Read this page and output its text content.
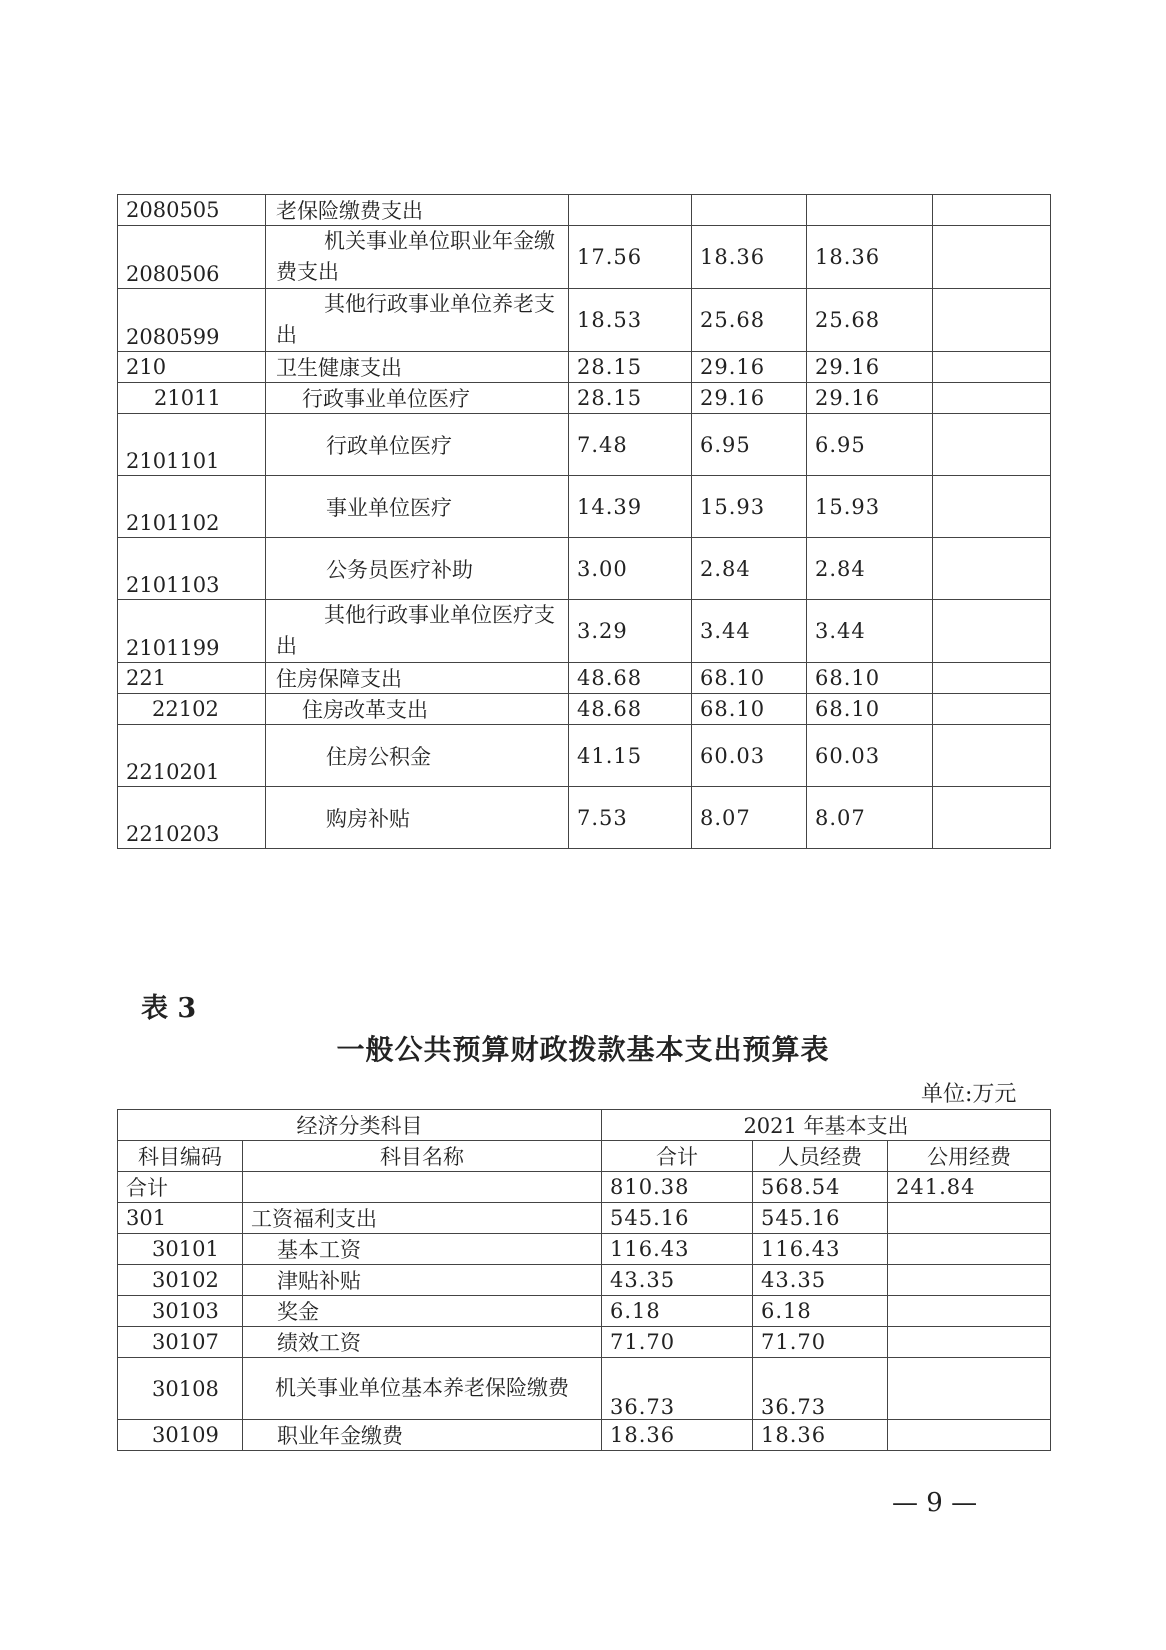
2080505	老保险缴费支出				
2080506	机关事业单位职业年金缴费支出	17.56	18.36	18.36	
2080599	其他行政事业单位养老支出	18.53	25.68	25.68	
210	卫生健康支出	28.15	29.16	29.16	
21011	行政事业单位医疗	28.15	29.16	29.16	
2101101	行政单位医疗	7.48	6.95	6.95	
2101102	事业单位医疗	14.39	15.93	15.93	
2101103	公务员医疗补助	3.00	2.84	2.84	
2101199	其他行政事业单位医疗支出	3.29	3.44	3.44	
221	住房保障支出	48.68	68.10	68.10	
22102	住房改革支出	48.68	68.10	68.10	
2210201	住房公积金	41.15	60.03	60.03	
2210203	购房补贴	7.53	8.07	8.07	
表 3
一般公共预算财政拨款基本支出预算表
单位:万元
经济分类科目		2021 年基本支出		
科目编码	科目名称	合计	人员经费	公用经费
合计		810.38	568.54	241.84
301	工资福利支出	545.16	545.16	
30101	基本工资	116.43	116.43	
30102	津贴补贴	43.35	43.35	
30103	奖金	6.18	6.18	
30107	绩效工资	71.70	71.70	
30108	机关事业单位基本养老保险缴费	36.73	36.73	
30109	职业年金缴费	18.36	18.36	
— 9 —
